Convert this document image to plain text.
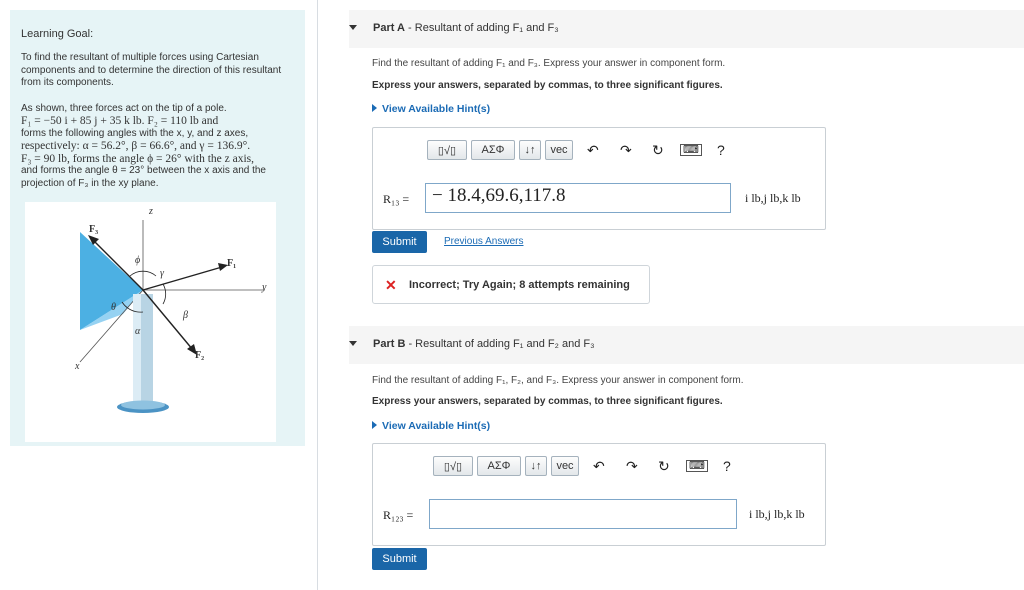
Learning Goal:

To find the resultant of multiple forces using Cartesian components and to determine the direction of this resultant from its components.

As shown, three forces act on the tip of a pole.

F₁ = −50 i + 85 j + 35 k lb. F₂ = 110 lb and

forms the following angles with the x, y, and z axes,

respectively: α = 56.2°, β = 66.6°, and γ = 136.9°.

F₃ = 90 lb, forms the angle ϕ = 26° with the z axis,

and forms the angle θ = 23° between the x axis and the

projection of F₃ in the xy plane.

z
y
x
F₁
F₂
F₃
ϕ
γ
θ
β
α
Part A - Resultant of adding F₁ and F₃
Find the resultant of adding F₁ and F₃. Express your answer in component form.
Express your answers, separated by commas, to three significant figures.
View Available Hint(s)
▯√▯	ΑΣΦ	↓↑	vec	↶ ↷ ↻ ⌨ ?
R₁₃ =	− 18.4,69.6,117.8	i lb,j lb,k lb
Submit	Previous Answers
✕ Incorrect; Try Again; 8 attempts remaining
Part B - Resultant of adding F₁ and F₂ and F₃
Find the resultant of adding F₁, F₂, and F₃. Express your answer in component form.
Express your answers, separated by commas, to three significant figures.
View Available Hint(s)
▯√▯	ΑΣΦ	↓↑	vec	↶ ↷ ↻ ⌨ ?
R₁₂₃ =	i lb,j lb,k lb
Submit
